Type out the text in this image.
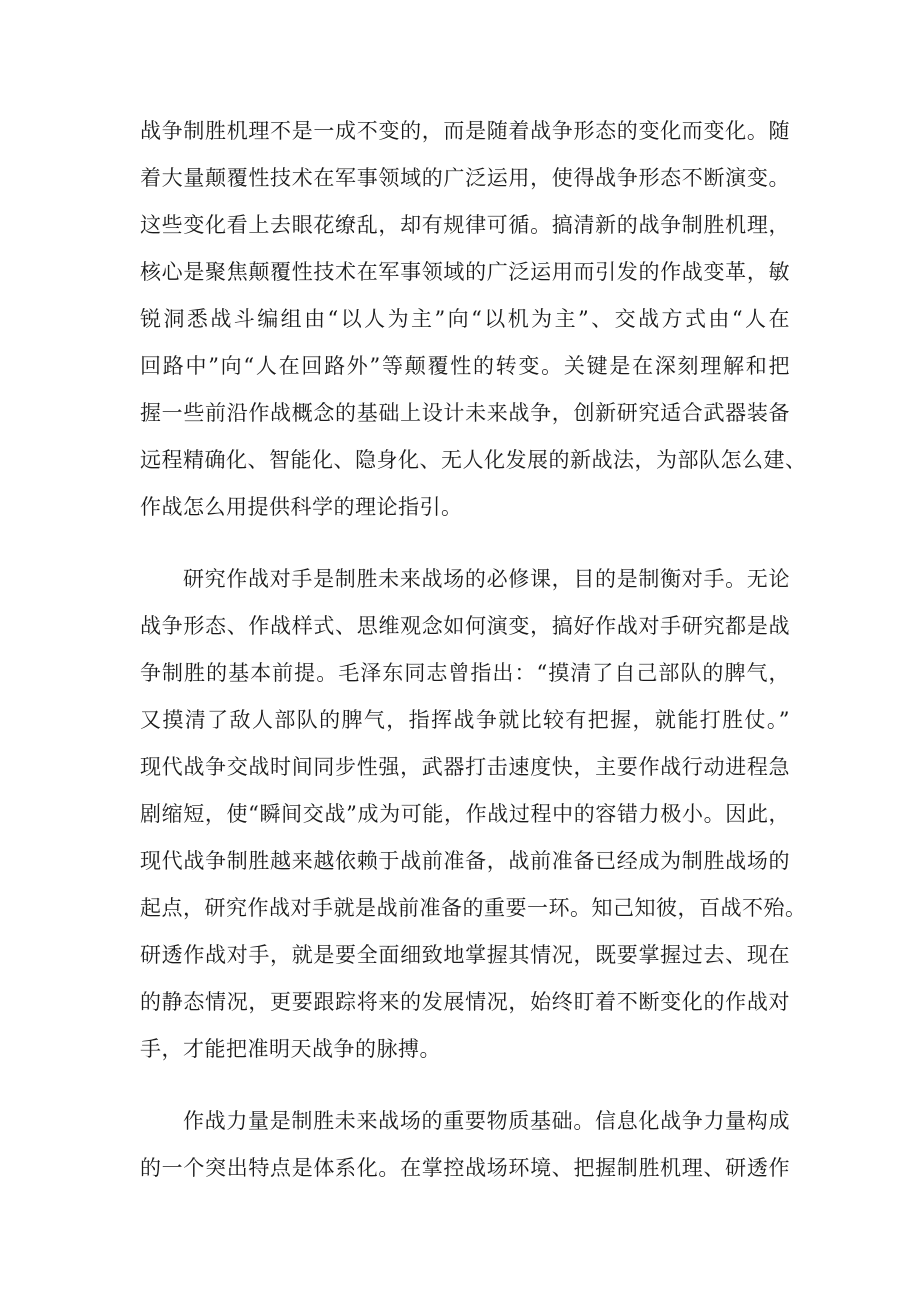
战争制胜机理不是一成不变的，而是随着战争形态的变化而变化。随
着大量颠覆性技术在军事领域的广泛运用，使得战争形态不断演变。
这些变化看上去眼花缭乱，却有规律可循。搞清新的战争制胜机理，
核心是聚焦颠覆性技术在军事领域的广泛运用而引发的作战变革，敏
锐洞悉战斗编组由“以人为主”向“以机为主”、交战方式由“人在
回路中”向“人在回路外”等颠覆性的转变。关键是在深刻理解和把
握一些前沿作战概念的基础上设计未来战争，创新研究适合武器装备
远程精确化、智能化、隐身化、无人化发展的新战法，为部队怎么建、
作战怎么用提供科学的理论指引。
研究作战对手是制胜未来战场的必修课，目的是制衡对手。无论
战争形态、作战样式、思维观念如何演变，搞好作战对手研究都是战
争制胜的基本前提。毛泽东同志曾指出：“摸清了自己部队的脾气，
又摸清了敌人部队的脾气，指挥战争就比较有把握，就能打胜仗。”
现代战争交战时间同步性强，武器打击速度快，主要作战行动进程急
剧缩短，使“瞬间交战”成为可能，作战过程中的容错力极小。因此，
现代战争制胜越来越依赖于战前准备，战前准备已经成为制胜战场的
起点，研究作战对手就是战前准备的重要一环。知己知彼，百战不殆。
研透作战对手，就是要全面细致地掌握其情况，既要掌握过去、现在
的静态情况，更要跟踪将来的发展情况，始终盯着不断变化的作战对
手，才能把准明天战争的脉搏。
作战力量是制胜未来战场的重要物质基础。信息化战争力量构成
的一个突出特点是体系化。在掌控战场环境、把握制胜机理、研透作
